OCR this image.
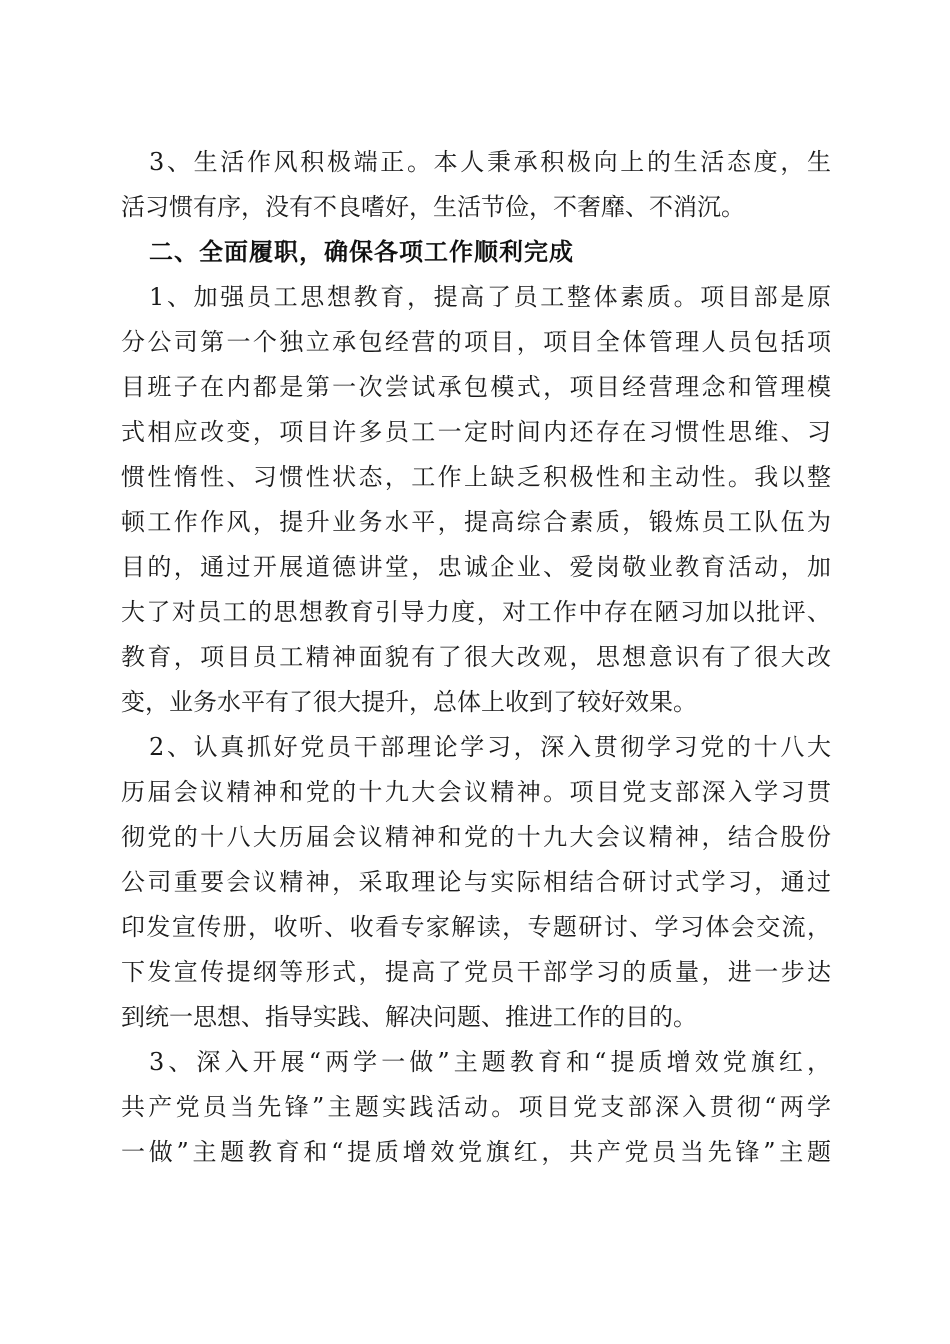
3、生活作风积极端正。本人秉承积极向上的生活态度，生
活习惯有序，没有不良嗜好，生活节俭，不奢靡、不消沉。
二、全面履职，确保各项工作顺利完成
1、加强员工思想教育，提高了员工整体素质。项目部是原
分公司第一个独立承包经营的项目，项目全体管理人员包括项
目班子在内都是第一次尝试承包模式，项目经营理念和管理模
式相应改变，项目许多员工一定时间内还存在习惯性思维、习
惯性惰性、习惯性状态，工作上缺乏积极性和主动性。我以整
顿工作作风，提升业务水平，提高综合素质，锻炼员工队伍为
目的，通过开展道德讲堂，忠诚企业、爱岗敬业教育活动，加
大了对员工的思想教育引导力度，对工作中存在陋习加以批评、
教育，项目员工精神面貌有了很大改观，思想意识有了很大改
变，业务水平有了很大提升，总体上收到了较好效果。
2、认真抓好党员干部理论学习，深入贯彻学习党的十八大
历届会议精神和党的十九大会议精神。项目党支部深入学习贯
彻党的十八大历届会议精神和党的十九大会议精神，结合股份
公司重要会议精神，采取理论与实际相结合研讨式学习，通过
印发宣传册，收听、收看专家解读，专题研讨、学习体会交流，
下发宣传提纲等形式，提高了党员干部学习的质量，进一步达
到统一思想、指导实践、解决问题、推进工作的目的。
3、深入开展“两学一做”主题教育和“提质增效党旗红，
共产党员当先锋”主题实践活动。项目党支部深入贯彻“两学
一做”主题教育和“提质增效党旗红，共产党员当先锋”主题
